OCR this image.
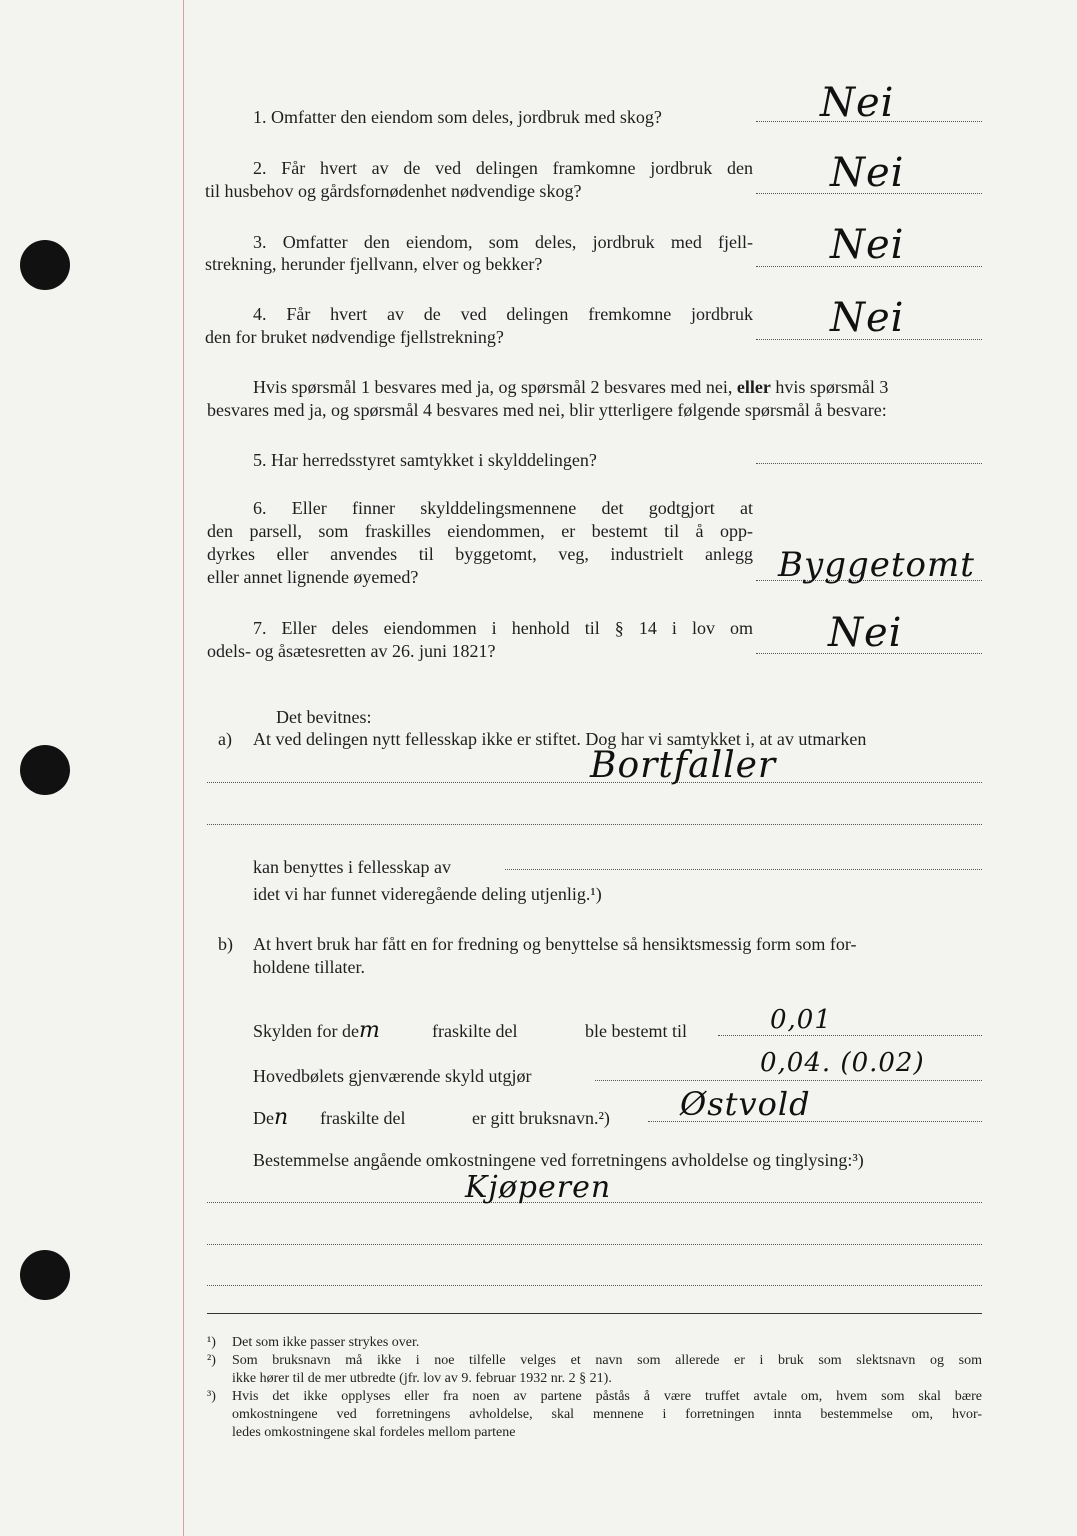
1. Omfatter den eiendom som deles, jordbruk med skog?	Nei
2. Får hvert av de ved delingen framkomne jordbruk den
til husbehov og gårdsfornødenhet nødvendige skog?	Nei
3. Omfatter den eiendom, som deles, jordbruk med fjell-
strekning, herunder fjellvann, elver og bekker?	Nei
4. Får hvert av de ved delingen fremkomne jordbruk
den for bruket nødvendige fjellstrekning?	Nei
Hvis spørsmål 1 besvares med ja, og spørsmål 2 besvares med nei, eller hvis spørsmål 3
besvares med ja, og spørsmål 4 besvares med nei, blir ytterligere følgende spørsmål å besvare:
5. Har herredsstyret samtykket i skylddelingen?
6. Eller finner skylddelingsmennene det godtgjort at
den parsell, som fraskilles eiendommen, er bestemt til å opp-
dyrkes eller anvendes til byggetomt, veg, industrielt anlegg
eller annet lignende øyemed?	Byggetomt
7. Eller deles eiendommen i henhold til § 14 i lov om
odels- og åsætesretten av 26. juni 1821?	Nei
Det bevitnes:
a) At ved delingen nytt fellesskap ikke er stiftet. Dog har vi samtykket i, at av utmarken
Bortfaller
kan benyttes i fellesskap av
idet vi har funnet videregående deling utjenlig.¹)
b) At hvert bruk har fått en for fredning og benyttelse så hensiktsmessig form som for-
holdene tillater.
Skylden for dem	fraskilte del	ble bestemt til	0,01
Hovedbølets gjenværende skyld utgjør	0,04. (0.02)
Den fraskilte del	er gitt bruksnavn.²) Østvold
Bestemmelse angående omkostningene ved forretningens avholdelse og tinglysing:³)
Kjøperen
¹) Det som ikke passer strykes over.
²) Som bruksnavn må ikke i noe tilfelle velges et navn som allerede er i bruk som slektsnavn og som
ikke hører til de mer utbredte (jfr. lov av 9. februar 1932 nr. 2 § 21).
³) Hvis det ikke opplyses eller fra noen av partene påstås å være truffet avtale om, hvem som skal bære
omkostningene ved forretningens avholdelse, skal mennene i forretningen innta bestemmelse om, hvor-
ledes omkostningene skal fordeles mellom partene
